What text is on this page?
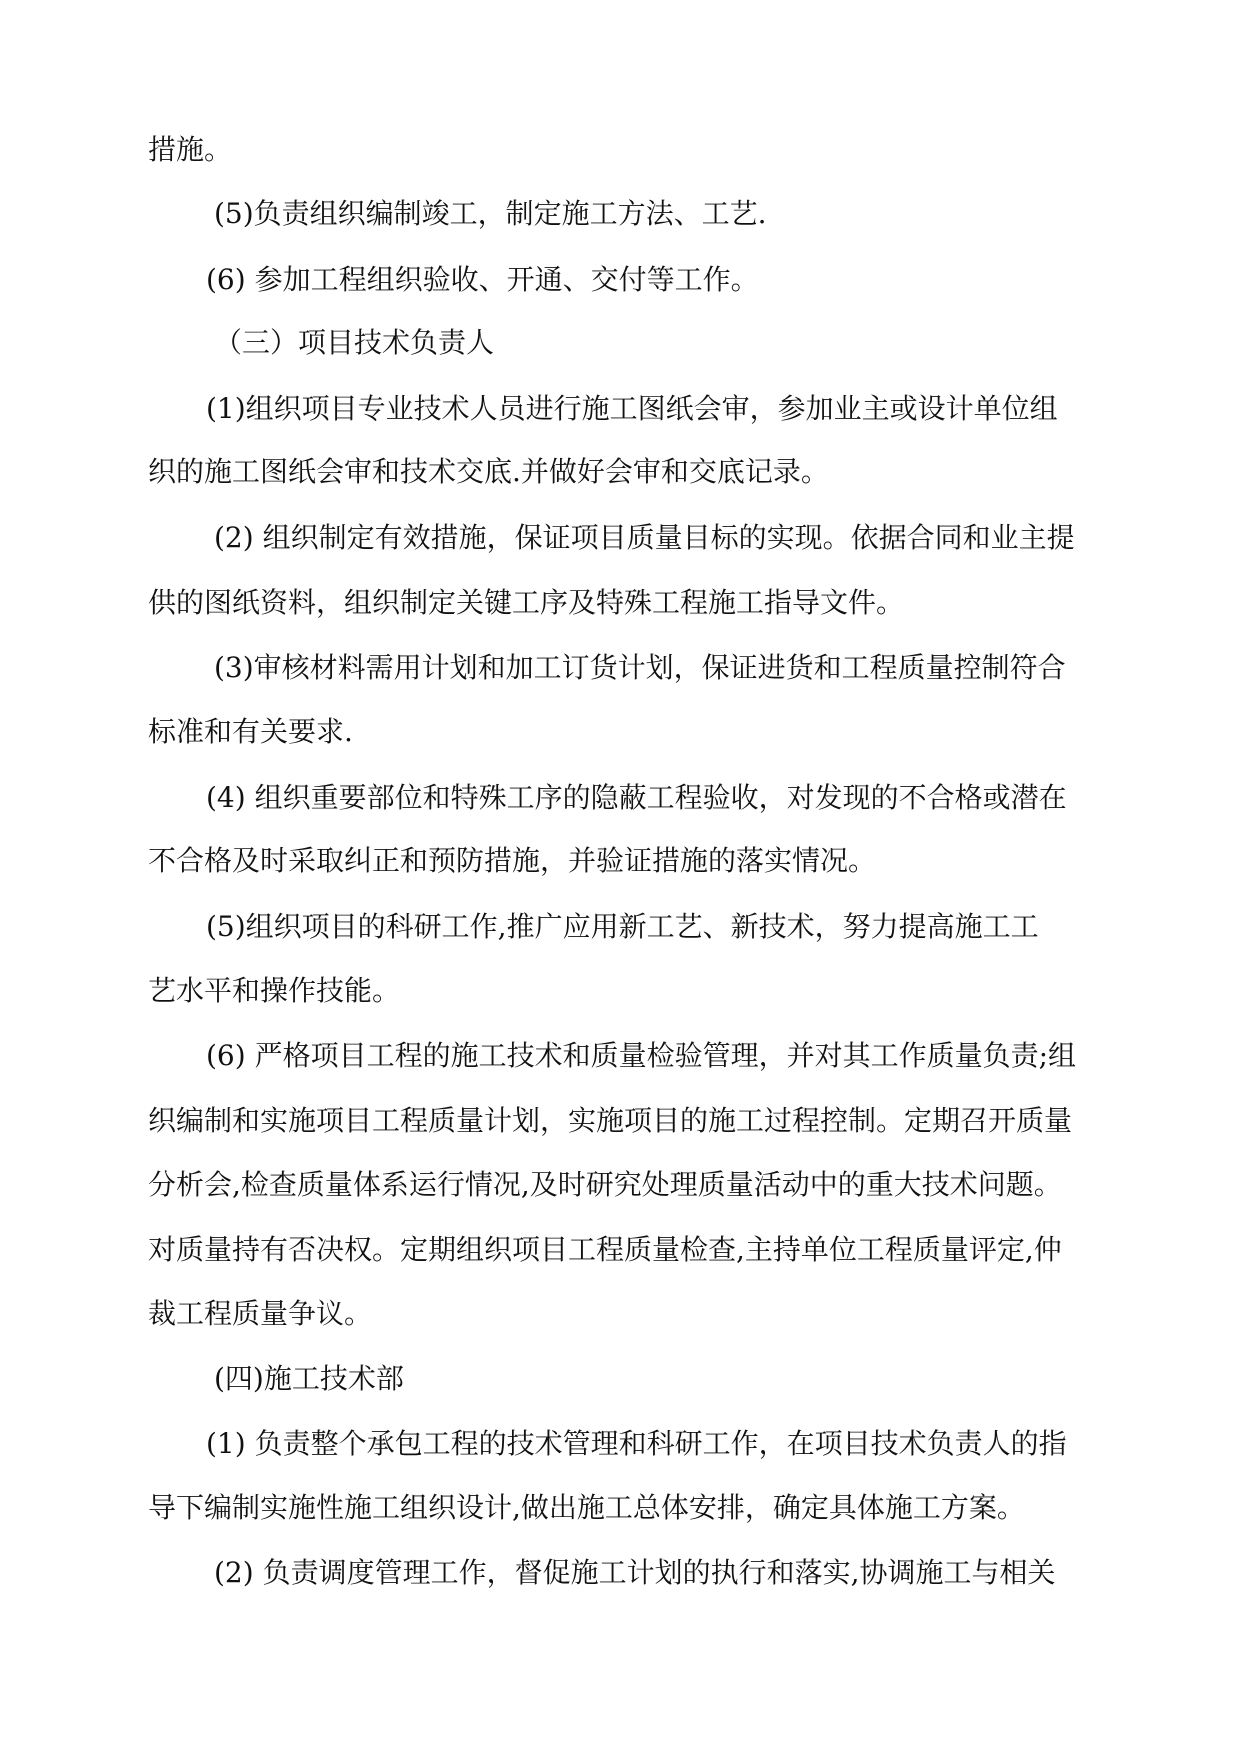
措施。

(5)负责组织编制竣工，制定施工方法、工艺.

(6) 参加工程组织验收、开通、交付等工作。

（三）项目技术负责人

(1)组织项目专业技术人员进行施工图纸会审，参加业主或设计单位组

织的施工图纸会审和技术交底.并做好会审和交底记录。

(2) 组织制定有效措施，保证项目质量目标的实现。依据合同和业主提

供的图纸资料，组织制定关键工序及特殊工程施工指导文件。

(3)审核材料需用计划和加工订货计划，保证进货和工程质量控制符合

标准和有关要求.

(4) 组织重要部位和特殊工序的隐蔽工程验收，对发现的不合格或潜在

不合格及时采取纠正和预防措施，并验证措施的落实情况。

(5)组织项目的科研工作,推广应用新工艺、新技术，努力提高施工工

艺水平和操作技能。

(6) 严格项目工程的施工技术和质量检验管理，并对其工作质量负责;组

织编制和实施项目工程质量计划，实施项目的施工过程控制。定期召开质量

分析会,检查质量体系运行情况,及时研究处理质量活动中的重大技术问题。

对质量持有否决权。定期组织项目工程质量检查,主持单位工程质量评定,仲

裁工程质量争议。

(四)施工技术部

(1) 负责整个承包工程的技术管理和科研工作，在项目技术负责人的指

导下编制实施性施工组织设计,做出施工总体安排，确定具体施工方案。

(2) 负责调度管理工作，督促施工计划的执行和落实,协调施工与相关
